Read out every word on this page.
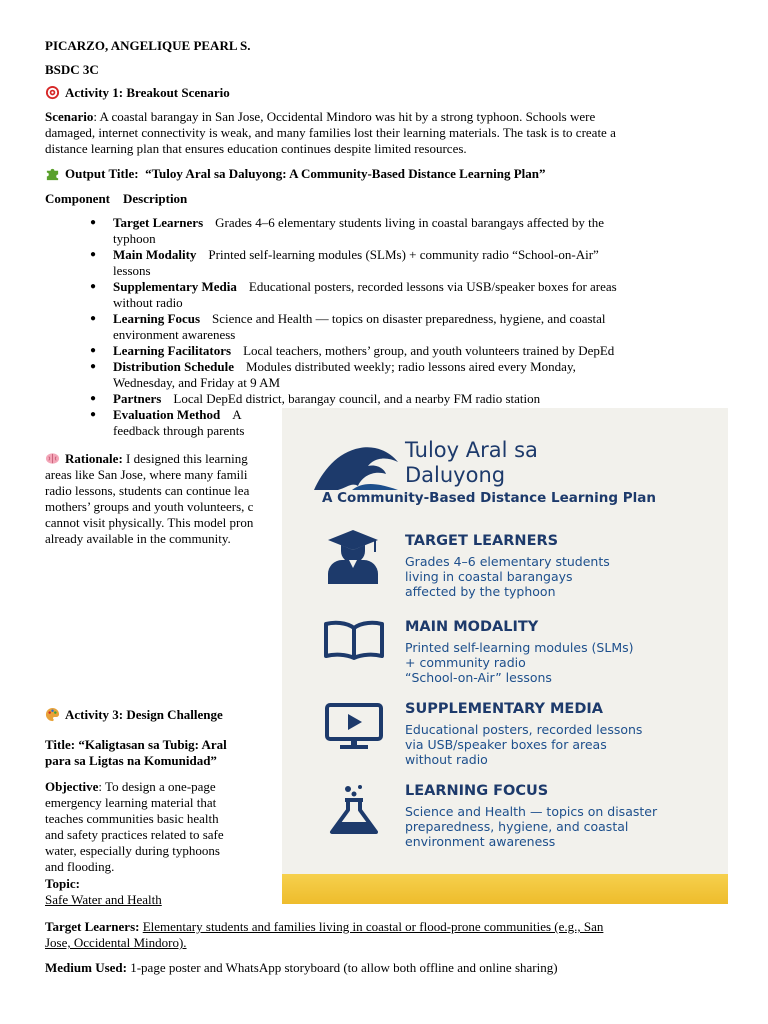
PICARZO, ANGELIQUE PEARL S.
BSDC 3C
Activity 1: Breakout Scenario
Scenario: A coastal barangay in San Jose, Occidental Mindoro was hit by a strong typhoon. Schools were
damaged, internet connectivity is weak, and many families lost their learning materials. The task is to create a
distance learning plan that ensures education continues despite limited resources.
Output Title: “Tuloy Aral sa Daluyong: A Community-Based Distance Learning Plan”
Component Description
● Target Learners Grades 4–6 elementary students living in coastal barangays affected by the
typhoon
● Main Modality Printed self-learning modules (SLMs) + community radio “School-on-Air”
lessons
● Supplementary Media Educational posters, recorded lessons via USB/speaker boxes for areas
without radio
● Learning Focus Science and Health — topics on disaster preparedness, hygiene, and coastal
environment awareness
● Learning Facilitators Local teachers, mothers’ group, and youth volunteers trained by DepEd
● Distribution Schedule Modules distributed weekly; radio lessons aired every Monday,
Wednesday, and Friday at 9 AM
● Partners Local DepEd district, barangay council, and a nearby FM radio station
● Evaluation Method A
feedback through parents
Rationale: I designed this learning
areas like San Jose, where many famili
radio lessons, students can continue lea
mothers’ groups and youth volunteers, c
cannot visit physically. This model pron
already available in the community.
Activity 3: Design Challenge
Title: “Kaligtasan sa Tubig: Aral
para sa Ligtas na Komunidad”
Objective: To design a one-page
emergency learning material that
teaches communities basic health
and safety practices related to safe
water, especially during typhoons
and flooding.
Topic:
Safe Water and Health
Target Learners: Elementary students and families living in coastal or flood-prone communities (e.g., San
Jose, Occidental Mindoro).
Medium Used: 1-page poster and WhatsApp storyboard (to allow both offline and online sharing)
Tuloy Aral sa
Daluyong
A Community-Based Distance Learning Plan
TARGET LEARNERS
Grades 4–6 elementary students
living in coastal barangays
affected by the typhoon
MAIN MODALITY
Printed self-learning modules (SLMs)
+ community radio
“School-on-Air” lessons
SUPPLEMENTARY MEDIA
Educational posters, recorded lessons
via USB/speaker boxes for areas
without radio
LEARNING FOCUS
Science and Health — topics on disaster
preparedness, hygiene, and coastal
environment awareness
